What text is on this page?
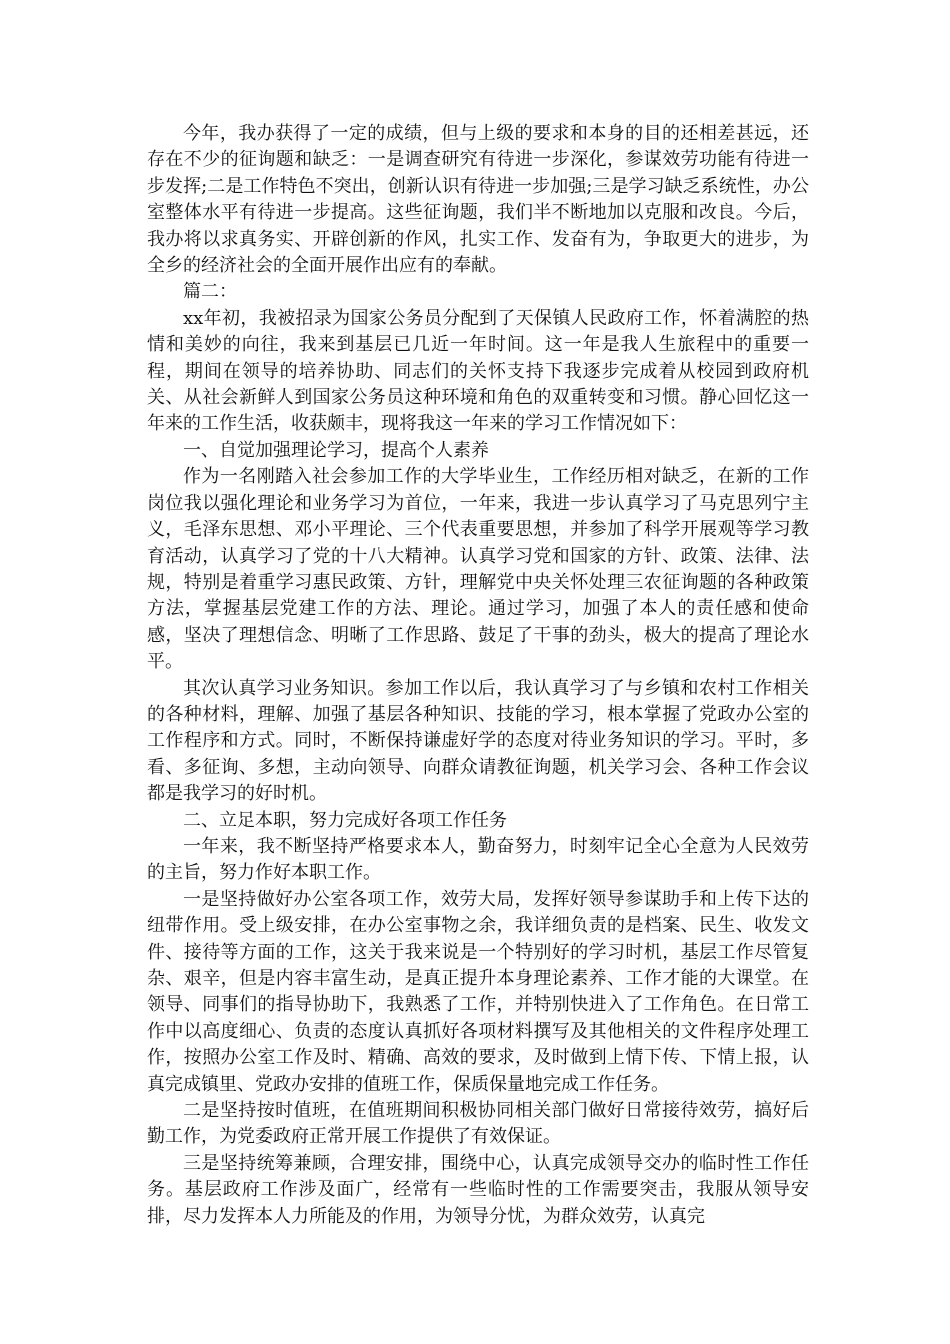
今年，我办获得了一定的成绩，但与上级的要求和本身的目的还相差甚远，还存在不少的征询题和缺乏：一是调查研究有待进一步深化，参谋效劳功能有待进一步发挥;二是工作特色不突出，创新认识有待进一步加强;三是学习缺乏系统性，办公室整体水平有待进一步提高。这些征询题，我们半不断地加以克服和改良。今后，我办将以求真务实、开辟创新的作风，扎实工作、发奋有为，争取更大的进步，为全乡的经济社会的全面开展作出应有的奉献。

篇二：

xx年初，我被招录为国家公务员分配到了天保镇人民政府工作，怀着满腔的热情和美妙的向往，我来到基层已几近一年时间。这一年是我人生旅程中的重要一程，期间在领导的培养协助、同志们的关怀支持下我逐步完成着从校园到政府机关、从社会新鲜人到国家公务员这种环境和角色的双重转变和习惯。静心回忆这一年来的工作生活，收获颇丰，现将我这一年来的学习工作情况如下：

一、自觉加强理论学习，提高个人素养

作为一名刚踏入社会参加工作的大学毕业生，工作经历相对缺乏，在新的工作岗位我以强化理论和业务学习为首位，一年来，我进一步认真学习了马克思列宁主义，毛泽东思想、邓小平理论、三个代表重要思想，并参加了科学开展观等学习教育活动，认真学习了党的十八大精神。认真学习党和国家的方针、政策、法律、法规，特别是着重学习惠民政策、方针，理解党中央关怀处理三农征询题的各种政策方法，掌握基层党建工作的方法、理论。通过学习，加强了本人的责任感和使命感，坚决了理想信念、明晰了工作思路、鼓足了干事的劲头，极大的提高了理论水平。

其次认真学习业务知识。参加工作以后，我认真学习了与乡镇和农村工作相关的各种材料，理解、加强了基层各种知识、技能的学习，根本掌握了党政办公室的工作程序和方式。同时，不断保持谦虚好学的态度对待业务知识的学习。平时，多看、多征询、多想，主动向领导、向群众请教征询题，机关学习会、各种工作会议都是我学习的好时机。

二、立足本职，努力完成好各项工作任务

一年来，我不断坚持严格要求本人，勤奋努力，时刻牢记全心全意为人民效劳的主旨，努力作好本职工作。

一是坚持做好办公室各项工作，效劳大局，发挥好领导参谋助手和上传下达的纽带作用。受上级安排，在办公室事物之余，我详细负责的是档案、民生、收发文件、接待等方面的工作，这关于我来说是一个特别好的学习时机，基层工作尽管复杂、艰辛，但是内容丰富生动，是真正提升本身理论素养、工作才能的大课堂。在领导、同事们的指导协助下，我熟悉了工作，并特别快进入了工作角色。在日常工作中以高度细心、负责的态度认真抓好各项材料撰写及其他相关的文件程序处理工作，按照办公室工作及时、精确、高效的要求，及时做到上情下传、下情上报，认真完成镇里、党政办安排的值班工作，保质保量地完成工作任务。

二是坚持按时值班，在值班期间积极协同相关部门做好日常接待效劳，搞好后勤工作，为党委政府正常开展工作提供了有效保证。

三是坚持统筹兼顾，合理安排，围绕中心，认真完成领导交办的临时性工作任务。基层政府工作涉及面广，经常有一些临时性的工作需要突击，我服从领导安排，尽力发挥本人力所能及的作用，为领导分忧，为群众效劳，认真完
